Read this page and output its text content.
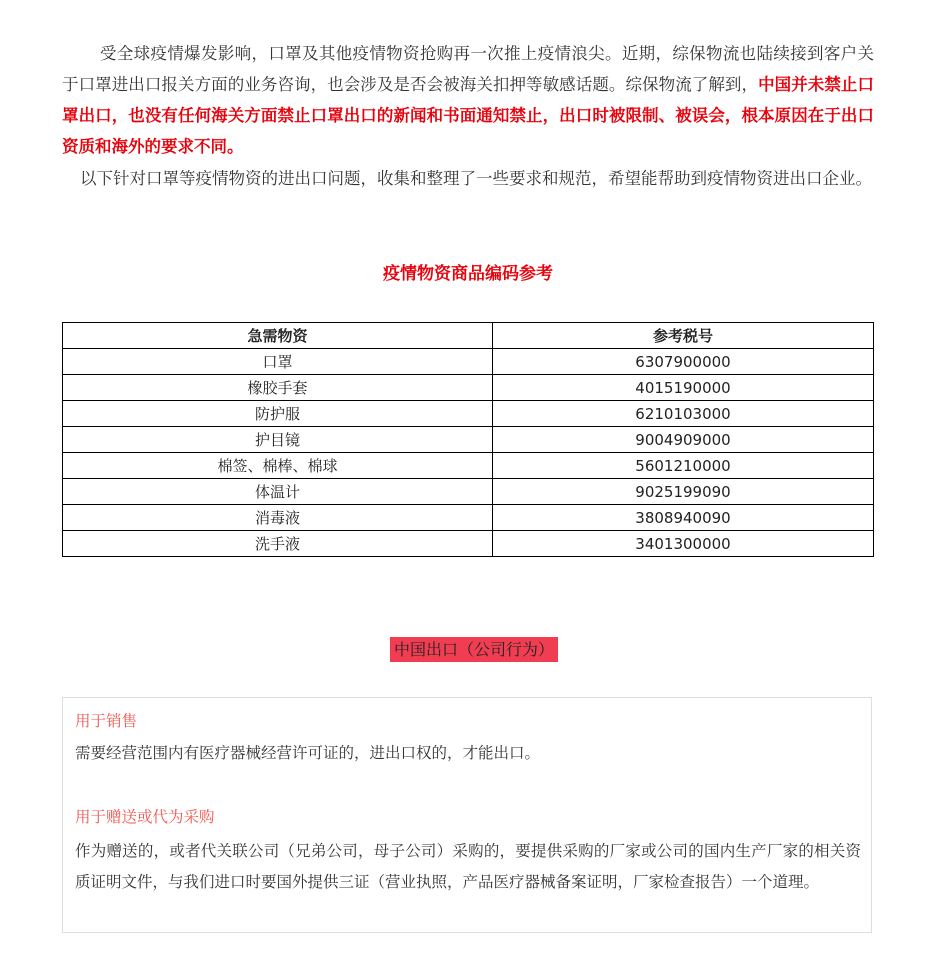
受全球疫情爆发影响，口罩及其他疫情物资抢购再一次推上疫情浪尖。近期，综保物流也陆续接到客户关于口罩进出口报关方面的业务咨询，也会涉及是否会被海关扣押等敏感话题。综保物流了解到，中国并未禁止口罩出口，也没有任何海关方面禁止口罩出口的新闻和书面通知禁止，出口时被限制、被误会，根本原因在于出口资质和海外的要求不同。

以下针对口罩等疫情物资的进出口问题，收集和整理了一些要求和规范，希望能帮助到疫情物资进出口企业。

疫情物资商品编码参考
急需物资	参考税号
口罩	6307900000
橡胶手套	4015190000
防护服	6210103000
护目镜	9004909000
棉签、棉棒、棉球	5601210000
体温计	9025199090
消毒液	3808940090
洗手液	3401300000
中国出口（公司行为）
用于销售

需要经营范围内有医疗器械经营许可证的，进出口权的，才能出口。

用于赠送或代为采购

作为赠送的，或者代关联公司（兄弟公司，母子公司）采购的，要提供采购的厂家或公司的国内生产厂家的相关资质证明文件，与我们进口时要国外提供三证（营业执照，产品医疗器械备案证明，厂家检查报告）一个道理。
